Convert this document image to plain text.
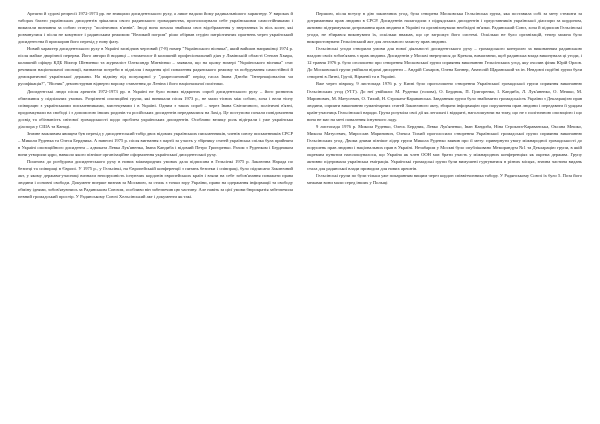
Арешти й судові репресії 1972-1973 рр. не знищили дисидентського руху, а лише надали йому радикальнішого характеру. У вироках й таборах багато українських дисидентів зрікалися свого радянського громадянства, проголошували себе українськими самостійниками і вимагали визнання за собою статусу "політичних в'язнів". Іноді вона почала знайшла своє відображення у звертаннях їх вісь колег, які розвинулися і після не комунист і радянським режимом "Великий погром" рішо обірвав студію патріотичних прагнень через український дисидентства й прискорив його перехід у нову фазу.

Новий характер дисидентського руху в Україні засвідчив черговий (7-8) номер "Українського вісника", який вийшов наприкінці 1974 р. після майже дворічної перерви. Його автори й видавці – стоматолог й колишній професіональний діяч у Львівській області Степан Хмара, колишній офіцер КДБ Віктор Шевченко та журналіст Олександр Матвієнко – заявили, що на цьому номері "Українського вісника" стає речником національної опозиції, визнаючи потреби в підпілля і видання цієї повалення радянського режиму та побудування самостійної й демократичної української держави. На відміну від популярної у "доаресштовий" період гасла Івана Дзюби "Інтернаціоналізм чи русифікація?", "Вісник" демонстрував відверто ворожу ставлення до Леніна і його національної політики.

Дисидентські люди після арештів 1972-1973 рр. в Україні не було нових відкритих спроб дисидентського руху – його розвиток обмежився у підпільних умовах. Розрізнені опозиційні групи, які виникали після 1973 р., не мали тісних між собою, хоча і вели тісну співпрацю з українськими письменниками, мистецтвами і в Україні. Одним з таких спроб – через Івана Світличного, політичні в'язні, продовжували на свободі і з допомогою інших родичів та російських дисидентів передавалися на Захід. Це поступово почали повідомлення досвід та обізнаність світової громадськості щодо проблем українських дисидентів. Особливо велику роль відіграли і уже українська діаспора у США та Канаді.

Значне важливим явищем був перехід у дисидентський табір двох відомих українських письменників, членів союзу письменників СРСР – Миколи Руденка та Олеся Бердника. А навесні 1975 р. після вигнання з партії за участь у збірнику статей українська спілка була прийнята в Україні опозиційного дисидента – адвоката Левка Лук'яненка, Івана Кандиба і відомий Петро Григоренко. Разом з Руденком і Бердником вони утворили ядро, навколо якого пізніше організаційне оформлення української дисидентської руху.

Поштовх до розбудови дисидентського руху в нових міжнародних умовах дала підписана в Гельсінкі 1975 р. Заключна Нарада по безпеці та співпраці в Європі. У 1975 р., у Гельсінкі, на Європейській конференції з питань безпеки і співпраці, було підписано Заключний акт, у якому держави-учасниці визнали непорушність існуючих кордонів європейських країн і взяли на себе зобов'язання поважати права людини і основні свободи. Документ вперше визнав за Москвою, за стиль з точки зору України, право на одержання інформації та свободу обміну ідеями, зобов'язуючись за Радянським Союзом, особливо він забезпечив цю частину. Але навіть за цієї умови бюрократія забезпечила певний громадський простір. У Радянському Союзі Хельсінський акт і документи як такі.

Першою, після вступу в дію заключних угод, була створена Московська Гельсінська група, яка поставила собі за мету стежити за дотриманням прав людини в СРСР. Дисидентів налагодили з підрядських дисидентів і представників української діаспори за кордоном, активно підтримували дотримання прав людини в Україні та організовували необхідні зв'язки. Радянський Союз, хоча й підписав Гельсінські угоди, не збирався виконувати їх, оскільки вважав, що це загрожує його системі. Оскільки не було організацій, тепер можна було використовувати Гельсінський акт для легального захисту прав людини.

Гельсінські угоди створили умови для нової діяльності дисидентського руху – громадського контролю за виконанням радянською владою своїх зобов'язань з прав людини. Дисидентів у Москві звернулися до Кремля, вимагаючи, щоб радянська влада виконувала ці угоди, і 12 травня 1976 р. було оголошено про створення Московської групи сприяння виконанню Гельсінських угод, яку очолив фізик Юрій Орлов. До Московської групи увійшли відомі дисиденти – Андрій Сахаров, Олена Боннер, Анатолій Щаранський та ін. Невдовзі подібні групи були створені в Литві, Грузії, Вірменії та в Україні.

Вже через півроку, 9 листопада 1976 р. у Києві було проголошено створення Української громадської групи сприяння виконанню Гельсінських угод (УГГ). До неї увійшли: М. Руденко (голова), О. Бердник, П. Григоренко, І. Кандиба, Л. Лук'яненко, О. Мешко, М. Маринович, М. Матусевич, О. Тихий, Н. Строката-Караванська. Завданням групи було знайомити громадськість України з Декларацією прав людини, сприяти виконанню гуманітарних статей Заключного акту, збирати інформацію про порушення прав людини і передавати її урядам країн-учасниць Гельсінської наради. Група розуміла свої дії як легальні і відкриті, наголошуючи на тому, що не є політичною опозицією і що вона не має на меті повалення існуючого ладу.

9 листопада 1976 р. Микола Руденко, Олесь Бердник, Левко Лук'яненко, Іван Кандиба, Ніна Строката-Караванська, Оксана Мешко, Микола Матусевич, Мирослав Маринович, Олекса Тихий проголосили створення Української громадської групи сприяння виконанню Гельсінських угод. Двома днями пізніше лідер групи Микола Руденко заявив про її мету: привернути увагу міжнародної громадськості до порушень прав людини і національних прав в Україні. Незабаром у Москві було опубліковано Меморандум №1 та Декларацію групи, в якій окремим пунктом наголошувалося, що Україна як член ООН має брати участь у міжнародних конференціях як окрема держава. Групу активно підтримала українська еміграція. Українські громадські групи були вимушені гуртуватися в різних місцях, значна частина видань стала для радянської влади приводом для нових арештів.

Гельсінські групи по були тільки уже покаранням вищим через кордон співвітчизника табору. У Радянському Союзі їх було 5. Поза його межами вони мали серед інших у Польщі
